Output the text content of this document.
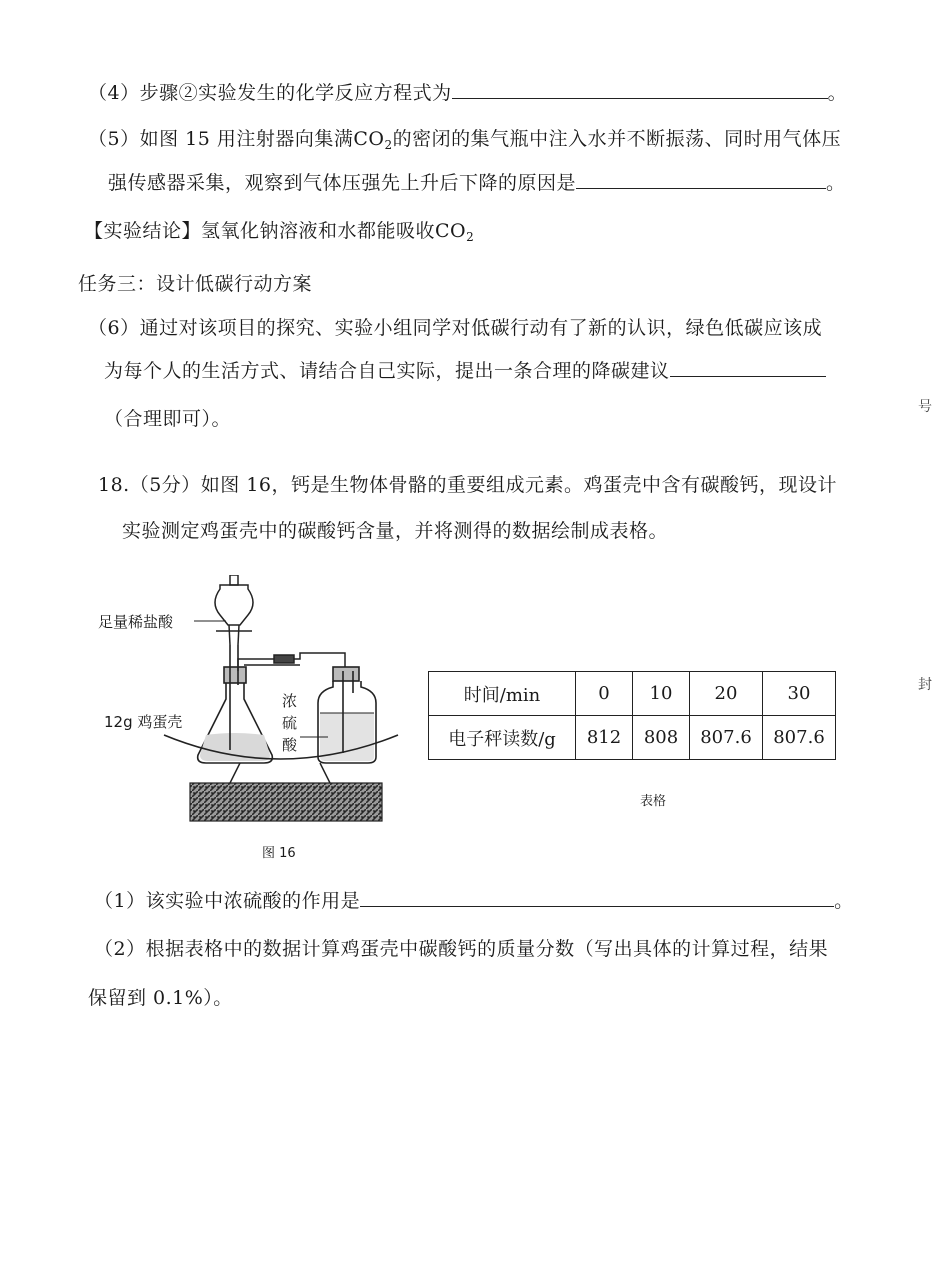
（4）步骤②实验发生的化学反应方程式为	。
（5）如图 15 用注射器向集满$CO_2$的密闭的集气瓶中注入水并不断振荡、同时用气体压
强传感器采集，观察到气体压强先上升后下降的原因是	。
【实验结论】氢氧化钠溶液和水都能吸收$CO_2$
任务三：设计低碳行动方案
（6）通过对该项目的探究、实验小组同学对低碳行动有了新的认识，绿色低碳应该成
为每个人的生活方式、请结合自己实际，提出一条合理的降碳建议
（合理即可）。
18.（5分）如图 16，钙是生物体骨骼的重要组成元素。鸡蛋壳中含有碳酸钙，现设计
实验测定鸡蛋壳中的碳酸钙含量，并将测得的数据绘制成表格。
足量稀盐酸
12g 鸡蛋壳
浓
硫
酸
图 16
时间/min	0	10	20	30
电子秤读数/g	812	808	807.6	807.6
表格
（1）该实验中浓硫酸的作用是	。
（2）根据表格中的数据计算鸡蛋壳中碳酸钙的质量分数（写出具体的计算过程，结果
保留到 0.1%）。
号
封
